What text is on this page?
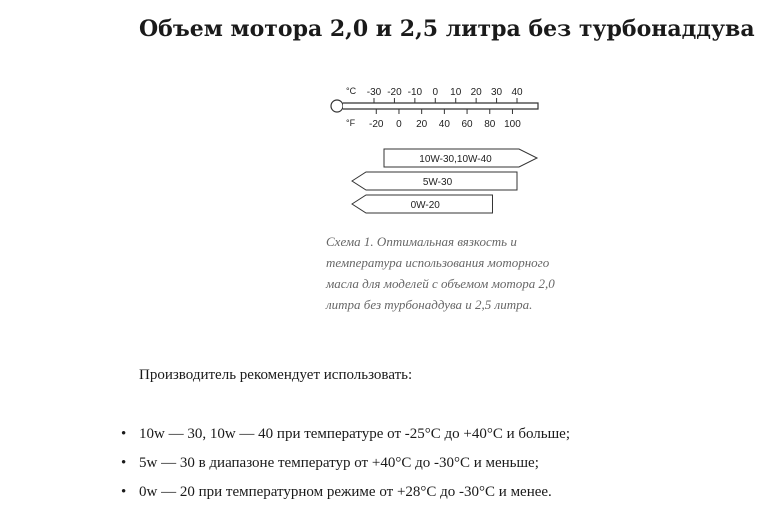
Объем мотора 2,0 и 2,5 литра без турбонаддува
-30 -20 -10 0 10 20 30 40
-20 0 20 40 60 80 100
°C
°F
10W-30,10W-40
5W-30
0W-20
Схема 1. Оптимальная вязкость и температура использования моторного масла для моделей с объемом мотора 2,0 литра без турбонаддува и 2,5 литра.
Производитель рекомендует использовать:
• 10w — 30, 10w — 40 при температуре от -25°C до +40°C и больше;
• 5w — 30 в диапазоне температур от +40°C до -30°C и меньше;
• 0w — 20 при температурном режиме от +28°C до -30°C и менее.
